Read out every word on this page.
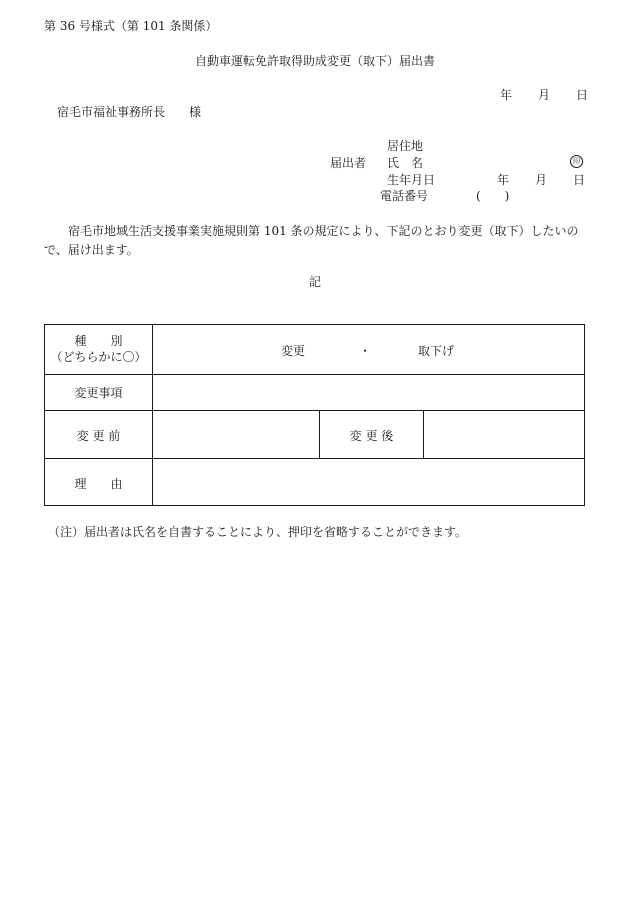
第 36 号様式（第 101 条関係）
自動車運転免許取得助成変更（取下）届出書
年 月 日
宿毛市福祉事務所長 様
居住地
届出者 氏　名	印
生年月日	年 月 日
電話番号	(　　)
宿毛市地域生活支援事業実施規則第 101 条の規定により、下記のとおり変更（取下）したいので、届け出ます。
記
種　　別
（どちらかに〇）	変更	・	取下げ
変更事項
変 更 前	変 更 後
理　　由
（注）届出者は氏名を自書することにより、押印を省略することができます。
